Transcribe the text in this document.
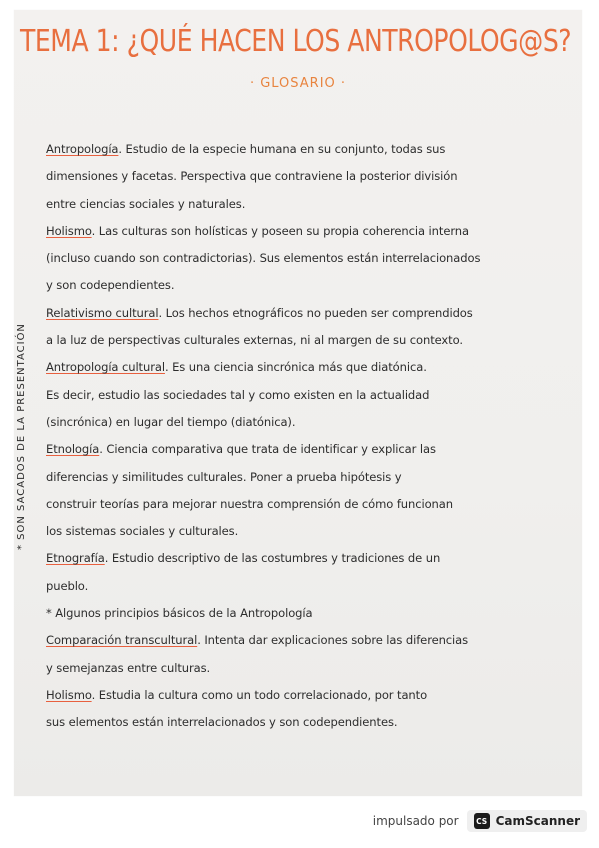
TEMA 1: ¿QUÉ HACEN LOS ANTROPOLOG@S?
· GLOSARIO ·
* SON SACADOS DE LA PRESENTACIÓN
Antropología. Estudio de la especie humana en su conjunto, todas sus
dimensiones y facetas. Perspectiva que contraviene la posterior división
entre ciencias sociales y naturales.
Holismo. Las culturas son holísticas y poseen su propia coherencia interna
(incluso cuando son contradictorias). Sus elementos están interrelacionados
y son codependientes.
Relativismo cultural. Los hechos etnográficos no pueden ser comprendidos
a la luz de perspectivas culturales externas, ni al margen de su contexto.
Antropología cultural. Es una ciencia sincrónica más que diatónica.
Es decir, estudio las sociedades tal y como existen en la actualidad
(sincrónica) en lugar del tiempo (diatónica).
Etnología. Ciencia comparativa que trata de identificar y explicar las
diferencias y similitudes culturales. Poner a prueba hipótesis y
construir teorías para mejorar nuestra comprensión de cómo funcionan
los sistemas sociales y culturales.
Etnografía. Estudio descriptivo de las costumbres y tradiciones de un
pueblo.
* Algunos principios básicos de la Antropología
Comparación transcultural. Intenta dar explicaciones sobre las diferencias
y semejanzas entre culturas.
Holismo. Estudia la cultura como un todo correlacionado, por tanto
sus elementos están interrelacionados y son codependientes.
impulsado por	CS CamScanner
